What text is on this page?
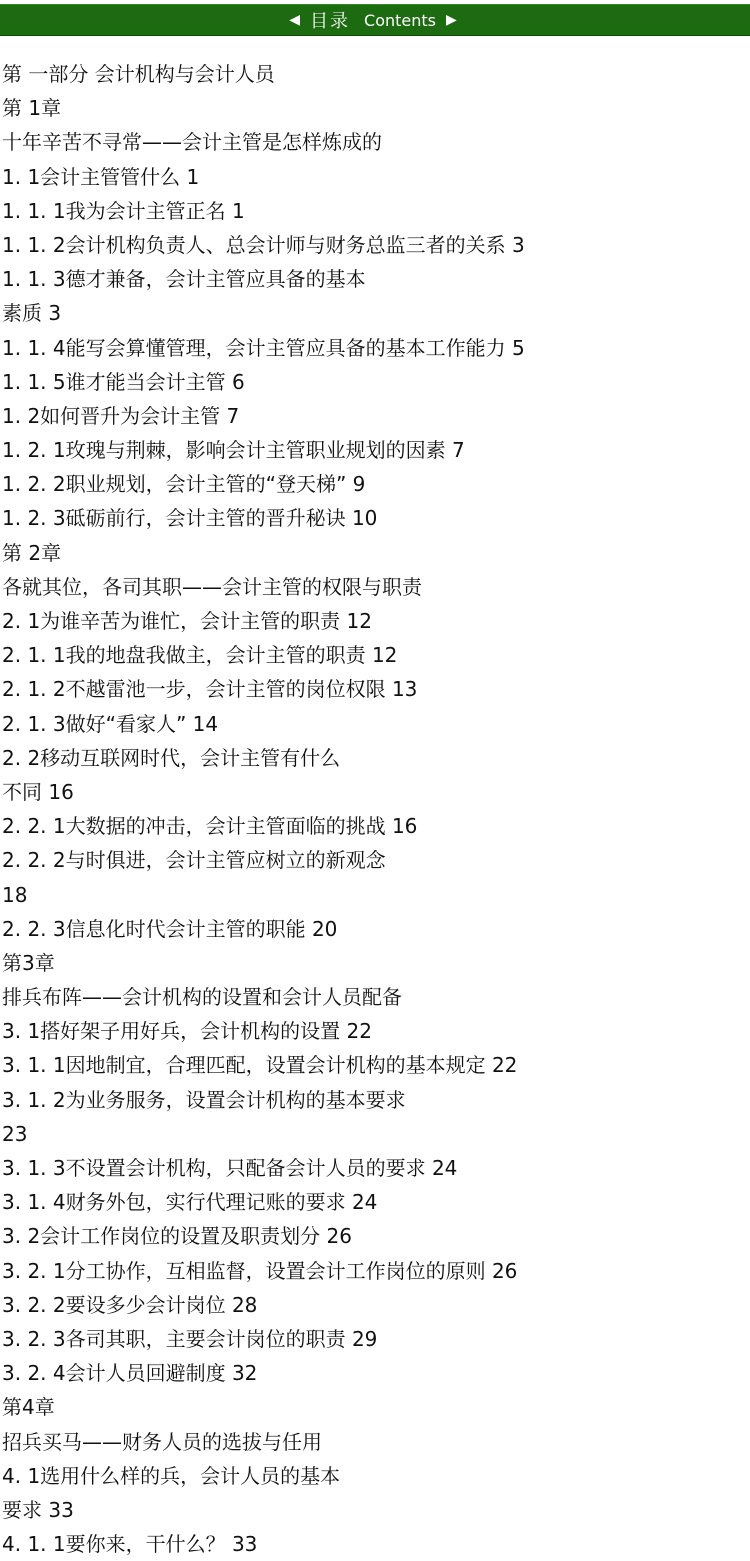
◀ 目录 Contents ▶
第 一部分 会计机构与会计人员
第 1章
十年辛苦不寻常——会计主管是怎样炼成的
1. 1会计主管管什么 1
1. 1. 1我为会计主管正名 1
1. 1. 2会计机构负责人、总会计师与财务总监三者的关系 3
1. 1. 3德才兼备，会计主管应具备的基本
素质 3
1. 1. 4能写会算懂管理，会计主管应具备的基本工作能力 5
1. 1. 5谁才能当会计主管 6
1. 2如何晋升为会计主管 7
1. 2. 1玫瑰与荆棘，影响会计主管职业规划的因素 7
1. 2. 2职业规划，会计主管的“登天梯” 9
1. 2. 3砥砺前行，会计主管的晋升秘诀 10
第 2章
各就其位，各司其职——会计主管的权限与职责
2. 1为谁辛苦为谁忙，会计主管的职责 12
2. 1. 1我的地盘我做主，会计主管的职责 12
2. 1. 2不越雷池一步，会计主管的岗位权限 13
2. 1. 3做好“看家人” 14
2. 2移动互联网时代，会计主管有什么
不同 16
2. 2. 1大数据的冲击，会计主管面临的挑战 16
2. 2. 2与时俱进，会计主管应树立的新观念
18
2. 2. 3信息化时代会计主管的职能 20
第3章
排兵布阵——会计机构的设置和会计人员配备
3. 1搭好架子用好兵，会计机构的设置 22
3. 1. 1因地制宜，合理匹配，设置会计机构的基本规定 22
3. 1. 2为业务服务，设置会计机构的基本要求
23
3. 1. 3不设置会计机构，只配备会计人员的要求 24
3. 1. 4财务外包，实行代理记账的要求 24
3. 2会计工作岗位的设置及职责划分 26
3. 2. 1分工协作，互相监督，设置会计工作岗位的原则 26
3. 2. 2要设多少会计岗位 28
3. 2. 3各司其职，主要会计岗位的职责 29
3. 2. 4会计人员回避制度 32
第4章
招兵买马——财务人员的选拔与任用
4. 1选用什么样的兵，会计人员的基本
要求 33
4. 1. 1要你来，干什么？ 33
